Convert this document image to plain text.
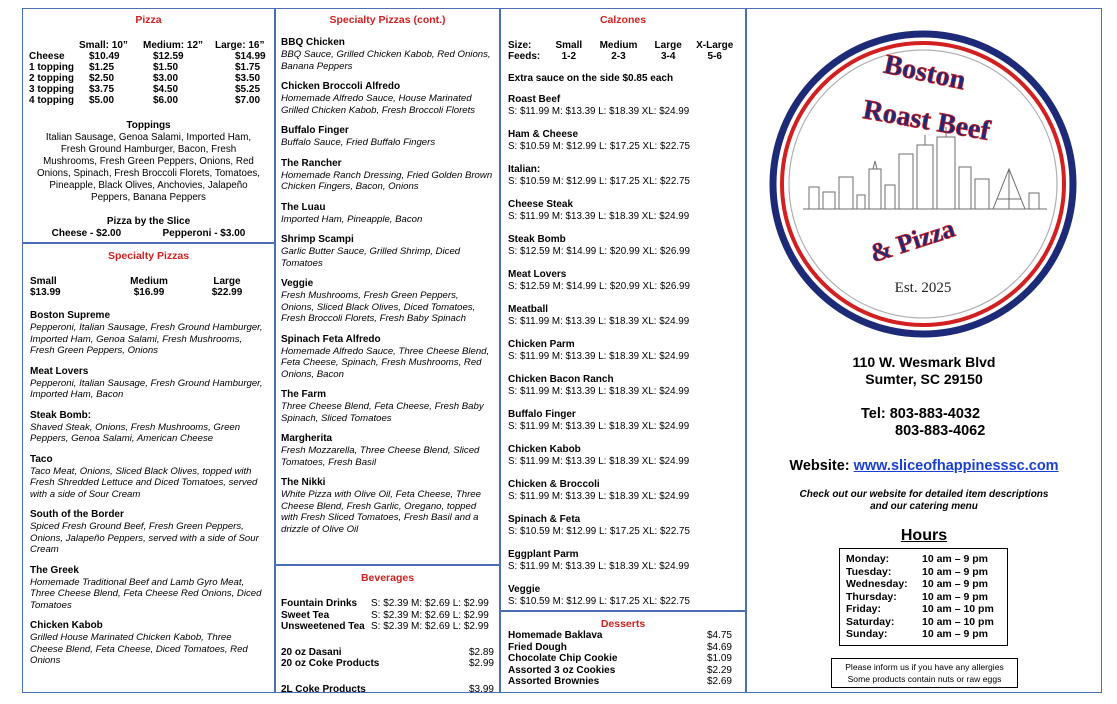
Pizza
	Small: 10”	Medium: 12”	Large: 16”
Cheese	$10.49	$12.59	$14.99
1 topping	$1.25	$1.50	$1.75
2 topping	$2.50	$3.00	$3.50
3 topping	$3.75	$4.50	$5.25
4 topping	$5.00	$6.00	$7.00
Toppings
Italian Sausage, Genoa Salami, Imported Ham, Fresh Ground Hamburger, Bacon, Fresh Mushrooms, Fresh Green Peppers, Onions, Red Onions, Spinach, Fresh Broccoli Florets, Tomatoes, Pineapple, Black Olives, Anchovies, Jalapeño Peppers, Banana Peppers
Pizza by the Slice
Cheese - $2.00	Pepperoni - $3.00
Specialty Pizzas
Small
$13.99
Medium
$16.99
Large
$22.99
Boston Supreme
Pepperoni, Italian Sausage, Fresh Ground Hamburger, Imported Ham, Genoa Salami, Fresh Mushrooms, Fresh Green Peppers, Onions
Meat Lovers
Pepperoni, Italian Sausage, Fresh Ground Hamburger, Imported Ham, Bacon
Steak Bomb:
Shaved Steak, Onions, Fresh Mushrooms, Green Peppers, Genoa Salami, American Cheese
Taco
Taco Meat, Onions, Sliced Black Olives, topped with Fresh Shredded Lettuce and Diced Tomatoes, served with a side of Sour Cream
South of the Border
Spiced Fresh Ground Beef, Fresh Green Peppers, Onions, Jalapeño Peppers, served with a side of Sour Cream
The Greek
Homemade Traditional Beef and Lamb Gyro Meat, Three Cheese Blend, Feta Cheese Red Onions, Diced Tomatoes
Chicken Kabob
Grilled House Marinated Chicken Kabob, Three Cheese Blend, Feta Cheese, Diced Tomatoes, Red Onions
Specialty Pizzas (cont.)
BBQ Chicken
BBQ Sauce, Grilled Chicken Kabob, Red Onions, Banana Peppers
Chicken Broccoli Alfredo
Homemade Alfredo Sauce, House Marinated Grilled Chicken Kabob, Fresh Broccoli Florets
Buffalo Finger
Buffalo Sauce, Fried Buffalo Fingers
The Rancher
Homemade Ranch Dressing, Fried Golden Brown Chicken Fingers, Bacon, Onions
The Luau
Imported Ham, Pineapple, Bacon
Shrimp Scampi
Garlic Butter Sauce, Grilled Shrimp, Diced Tomatoes
Veggie
Fresh Mushrooms, Fresh Green Peppers, Onions, Sliced Black Olives, Diced Tomatoes, Fresh Broccoli Florets, Fresh Baby Spinach
Spinach Feta Alfredo
Homemade Alfredo Sauce, Three Cheese Blend, Feta Cheese, Spinach, Fresh Mushrooms, Red Onions, Bacon
The Farm
Three Cheese Blend, Feta Cheese, Fresh Baby Spinach, Sliced Tomatoes
Margherita
Fresh Mozzarella, Three Cheese Blend, Sliced Tomatoes, Fresh Basil
The Nikki
White Pizza with Olive Oil, Feta Cheese, Three Cheese Blend, Fresh Garlic, Oregano, topped with Fresh Sliced Tomatoes, Fresh Basil and a drizzle of Olive Oil
Beverages
Fountain Drinks	S: $2.39 M: $2.69 L: $2.99
Sweet Tea	S: $2.39 M: $2.69 L: $2.99
Unsweetened Tea S: $2.39 M: $2.69 L: $2.99
20 oz Dasani	$2.89
20 oz Coke Products	$2.99
2L Coke Products	$3.99
Calzones
Size:	Small	Medium	Large	X-Large
Feeds:	1-2	2-3	3-4	5-6
Extra sauce on the side $0.85 each
Roast Beef
S: $11.99 M: $13.39 L: $18.39 XL: $24.99
Ham & Cheese
S: $10.59 M: $12.99 L: $17.25 XL: $22.75
Italian:
S: $10.59 M: $12.99 L: $17.25 XL: $22.75
Cheese Steak
S: $11.99 M: $13.39 L: $18.39 XL: $24.99
Steak Bomb
S: $12.59 M: $14.99 L: $20.99 XL: $26.99
Meat Lovers
S: $12.59 M: $14.99 L: $20.99 XL: $26.99
Meatball
S: $11.99 M: $13.39 L: $18.39 XL: $24.99
Chicken Parm
S: $11.99 M: $13.39 L: $18.39 XL: $24.99
Chicken Bacon Ranch
S: $11.99 M: $13.39 L: $18.39 XL: $24.99
Buffalo Finger
S: $11.99 M: $13.39 L: $18.39 XL: $24.99
Chicken Kabob
S: $11.99 M: $13.39 L: $18.39 XL: $24.99
Chicken & Broccoli
S: $11.99 M: $13.39 L: $18.39 XL: $24.99
Spinach & Feta
S: $10.59 M: $12.99 L: $17.25 XL: $22.75
Eggplant Parm
S: $11.99 M: $13.39 L: $18.39 XL: $24.99
Veggie
S: $10.59 M: $12.99 L: $17.25 XL: $22.75
Desserts
Homemade Baklava	$4.75
Fried Dough	$4.69
Chocolate Chip Cookie	$1.09
Assorted 3 oz Cookies	$2.29
Assorted Brownies	$2.69
Boston
Roast Beef
& Pizza
Est. 2025
110 W. Wesmark Blvd
Sumter, SC 29150
Tel: 803-883-4032
803-883-4062
Website: www.sliceofhappinesssc.com
Check out our website for detailed item descriptions
and our catering menu
Hours
Monday:	10 am – 9 pm
Tuesday:	10 am – 9 pm
Wednesday:	10 am – 9 pm
Thursday:	10 am – 9 pm
Friday:	10 am – 10 pm
Saturday:	10 am – 10 pm
Sunday:	10 am – 9 pm
Please inform us if you have any allergies
Some products contain nuts or raw eggs
